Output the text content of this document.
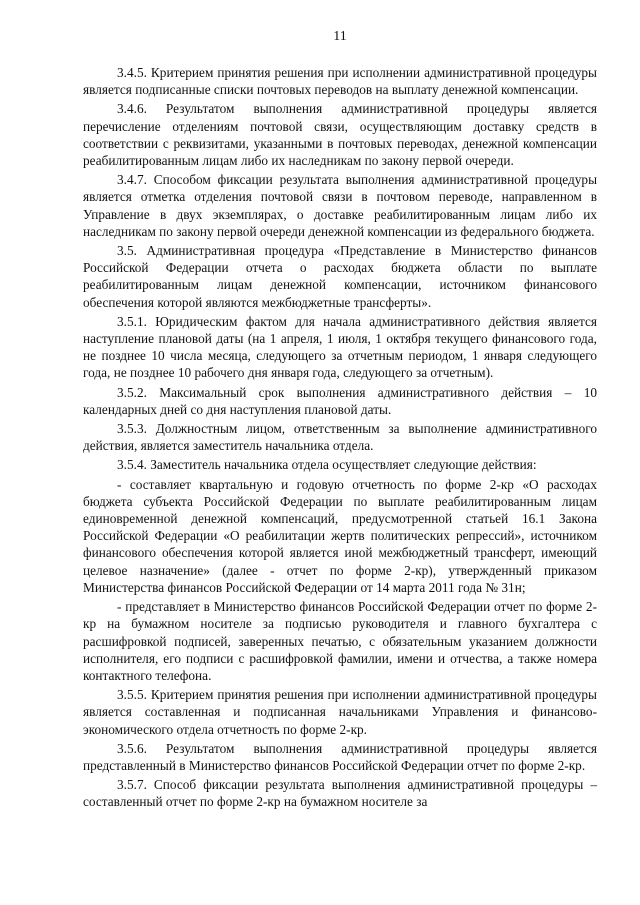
11

3.4.5. Критерием принятия решения при исполнении административной процедуры является подписанные списки почтовых переводов на выплату денежной компенсации.

3.4.6. Результатом выполнения административной процедуры является перечисление отделениям почтовой связи, осуществляющим доставку средств в соответствии с реквизитами, указанными в почтовых переводах, денежной компенсации реабилитированным лицам либо их наследникам по закону первой очереди.

3.4.7. Способом фиксации результата выполнения административной процедуры является отметка отделения почтовой связи в почтовом переводе, направленном в Управление в двух экземплярах, о доставке реабилитированным лицам либо их наследникам по закону первой очереди денежной компенсации из федерального бюджета.

3.5. Административная процедура «Представление в Министерство финансов Российской Федерации отчета о расходах бюджета области по выплате реабилитированным лицам денежной компенсации, источником финансового обеспечения которой являются межбюджетные трансферты».

3.5.1. Юридическим фактом для начала административного действия является наступление плановой даты (на 1 апреля, 1 июля, 1 октября текущего финансового года, не позднее 10 числа месяца, следующего за отчетным периодом, 1 января следующего года, не позднее 10 рабочего дня января года, следующего за отчетным).

3.5.2. Максимальный срок выполнения административного действия – 10 календарных дней со дня наступления плановой даты.

3.5.3. Должностным лицом, ответственным за выполнение административного действия, является заместитель начальника отдела.

3.5.4. Заместитель начальника отдела осуществляет следующие действия:

- составляет квартальную и годовую отчетность по форме 2-кр «О расходах бюджета субъекта Российской Федерации по выплате реабилитированным лицам единовременной денежной компенсаций, предусмотренной статьей 16.1 Закона Российской Федерации «О реабилитации жертв политических репрессий», источником финансового обеспечения которой является иной межбюджетный трансферт, имеющий целевое назначение» (далее - отчет по форме 2-кр), утвержденный приказом Министерства финансов Российской Федерации от 14 марта 2011 года № 31н;

- представляет в Министерство финансов Российской Федерации отчет по форме 2-кр на бумажном носителе за подписью руководителя и главного бухгалтера с расшифровкой подписей, заверенных печатью, с обязательным указанием должности исполнителя, его подписи с расшифровкой фамилии, имени и отчества, а также номера контактного телефона.

3.5.5. Критерием принятия решения при исполнении административной процедуры является составленная и подписанная начальниками Управления и финансово-экономического отдела отчетность по форме 2-кр.

3.5.6. Результатом выполнения административной процедуры является представленный в Министерство финансов Российской Федерации отчет по форме 2-кр.

3.5.7. Способ фиксации результата выполнения административной процедуры – составленный отчет по форме 2-кр на бумажном носителе за
